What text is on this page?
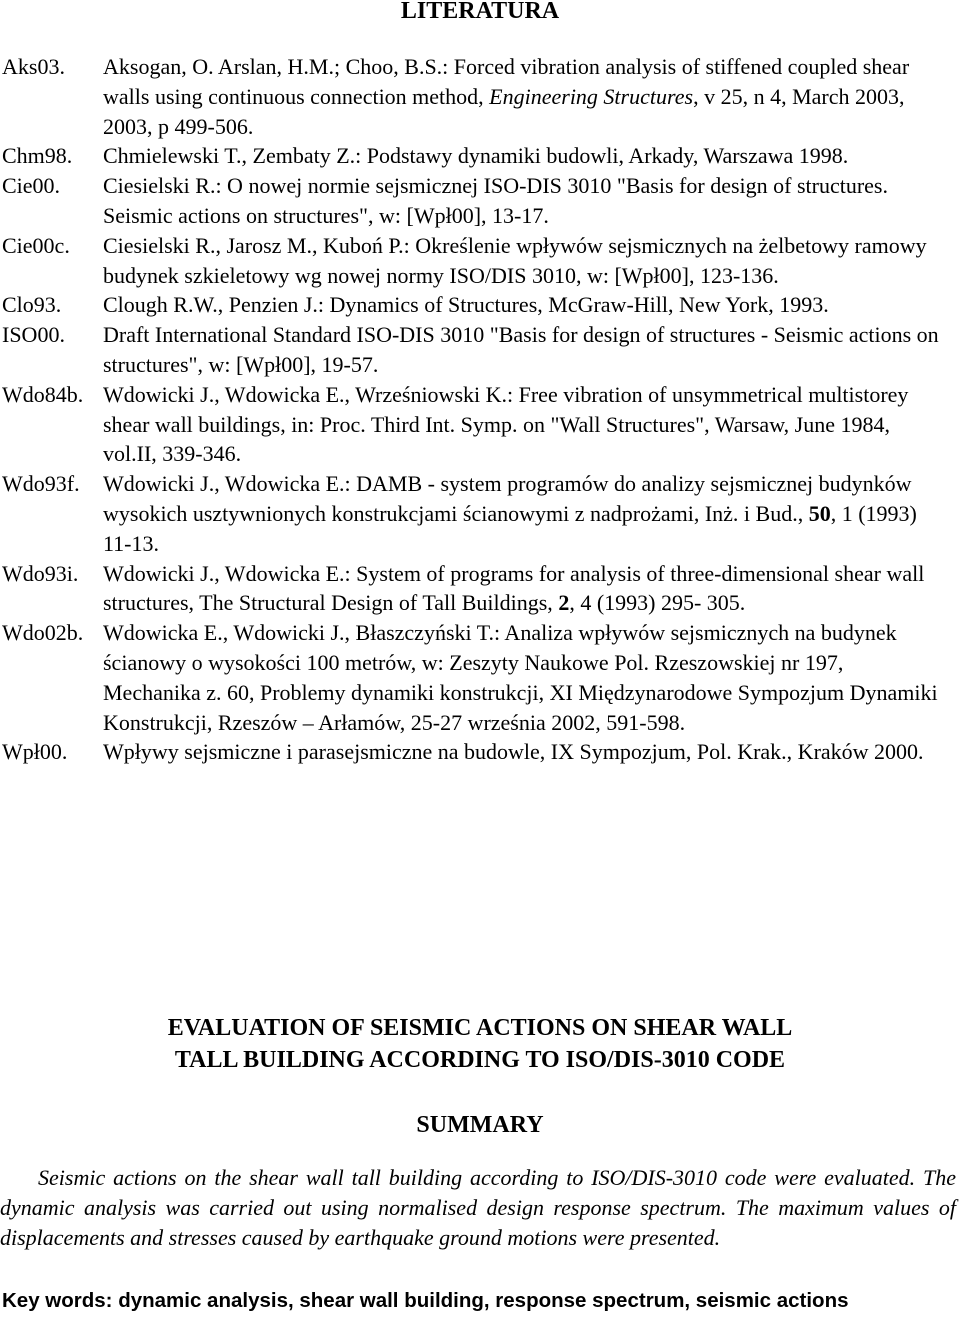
LITERATURA
Aks03.	Aksogan, O. Arslan, H.M.; Choo, B.S.: Forced vibration analysis of stiffened coupled shear walls using continuous connection method, Engineering Structures, v 25, n 4, March 2003, 2003, p 499-506.
Chm98.	Chmielewski T., Zembaty Z.: Podstawy dynamiki budowli, Arkady, Warszawa 1998.
Cie00.	Ciesielski R.: O nowej normie sejsmicznej ISO-DIS 3010 "Basis for design of structures. Seismic actions on structures", w: [Wpł00], 13-17.
Cie00c.	Ciesielski R., Jarosz M., Kuboń P.: Określenie wpływów sejsmicznych na żelbetowy ramowy budynek szkieletowy wg nowej normy ISO/DIS 3010, w: [Wpł00], 123-136.
Clo93.	Clough R.W., Penzien J.: Dynamics of Structures, McGraw-Hill, New York, 1993.
ISO00.	Draft International Standard ISO-DIS 3010 "Basis for design of structures - Seismic actions on structures", w: [Wpł00], 19-57.
Wdo84b. Wdowicki J., Wdowicka E., Wrześniowski K.: Free vibration of unsymmetrical multistorey shear wall buildings, in: Proc. Third Int. Symp. on "Wall Structures", Warsaw, June 1984, vol.II, 339-346.
Wdo93f.	Wdowicki J., Wdowicka E.: DAMB - system programów do analizy sejsmicznej budynków wysokich usztywnionych konstrukcjami ścianowymi z nadprożami, Inż. i Bud., 50, 1 (1993) 11-13.
Wdo93i.	Wdowicki J., Wdowicka E.: System of programs for analysis of three-dimensional shear wall structures, The Structural Design of Tall Buildings, 2, 4 (1993) 295- 305.
Wdo02b. Wdowicka E., Wdowicki J., Błaszczyński T.: Analiza wpływów sejsmicznych na budynek ścianowy o wysokości 100 metrów, w: Zeszyty Naukowe Pol. Rzeszowskiej nr 197, Mechanika z. 60, Problemy dynamiki konstrukcji, XI Międzynarodowe Sympozjum Dynamiki Konstrukcji, Rzeszów – Arłamów, 25-27 września 2002, 591-598.
Wpł00.	Wpływy sejsmiczne i parasejsmiczne na budowle, IX Sympozjum, Pol. Krak., Kraków 2000.
EVALUATION OF SEISMIC ACTIONS ON SHEAR WALL
TALL BUILDING ACCORDING TO ISO/DIS-3010 CODE
SUMMARY
Seismic actions on the shear wall tall building according to ISO/DIS-3010 code were evaluated. The dynamic analysis was carried out using normalised design response spectrum. The maximum values of displacements and stresses caused by earthquake ground motions were presented.
Key words: dynamic analysis, shear wall building, response spectrum, seismic actions
